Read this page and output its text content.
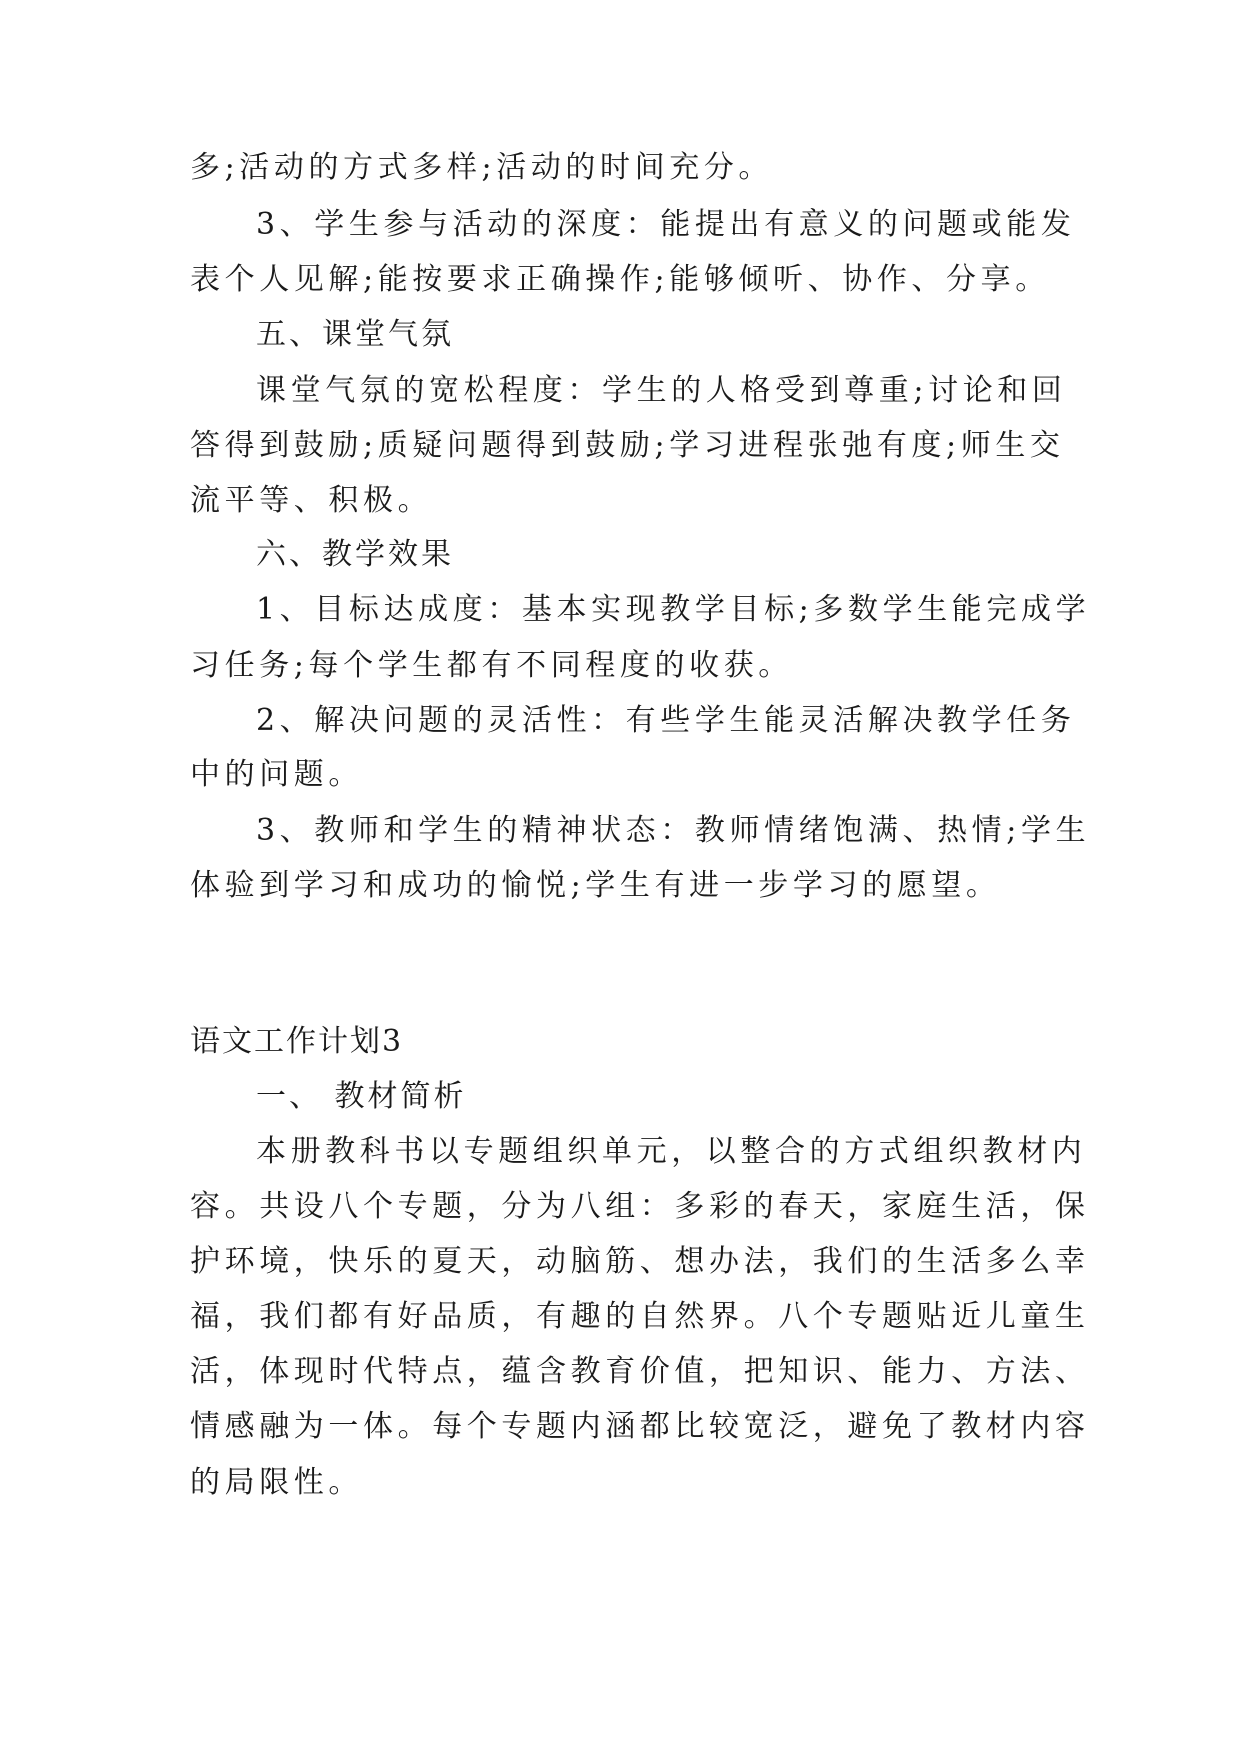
多;活动的方式多样;活动的时间充分。
3、学生参与活动的深度：能提出有意义的问题或能发
表个人见解;能按要求正确操作;能够倾听、协作、分享。
五、课堂气氛
课堂气氛的宽松程度：学生的人格受到尊重;讨论和回
答得到鼓励;质疑问题得到鼓励;学习进程张弛有度;师生交
流平等、积极。
六、教学效果
1、目标达成度：基本实现教学目标;多数学生能完成学
习任务;每个学生都有不同程度的收获。
2、解决问题的灵活性：有些学生能灵活解决教学任务
中的问题。
3、教师和学生的精神状态：教师情绪饱满、热情;学生
体验到学习和成功的愉悦;学生有进一步学习的愿望。
语文工作计划3
一、 教材简析
本册教科书以专题组织单元，以整合的方式组织教材内
容。共设八个专题，分为八组：多彩的春天，家庭生活，保
护环境，快乐的夏天，动脑筋、想办法，我们的生活多么幸
福，我们都有好品质，有趣的自然界。八个专题贴近儿童生
活，体现时代特点，蕴含教育价值，把知识、能力、方法、
情感融为一体。每个专题内涵都比较宽泛，避免了教材内容
的局限性。
